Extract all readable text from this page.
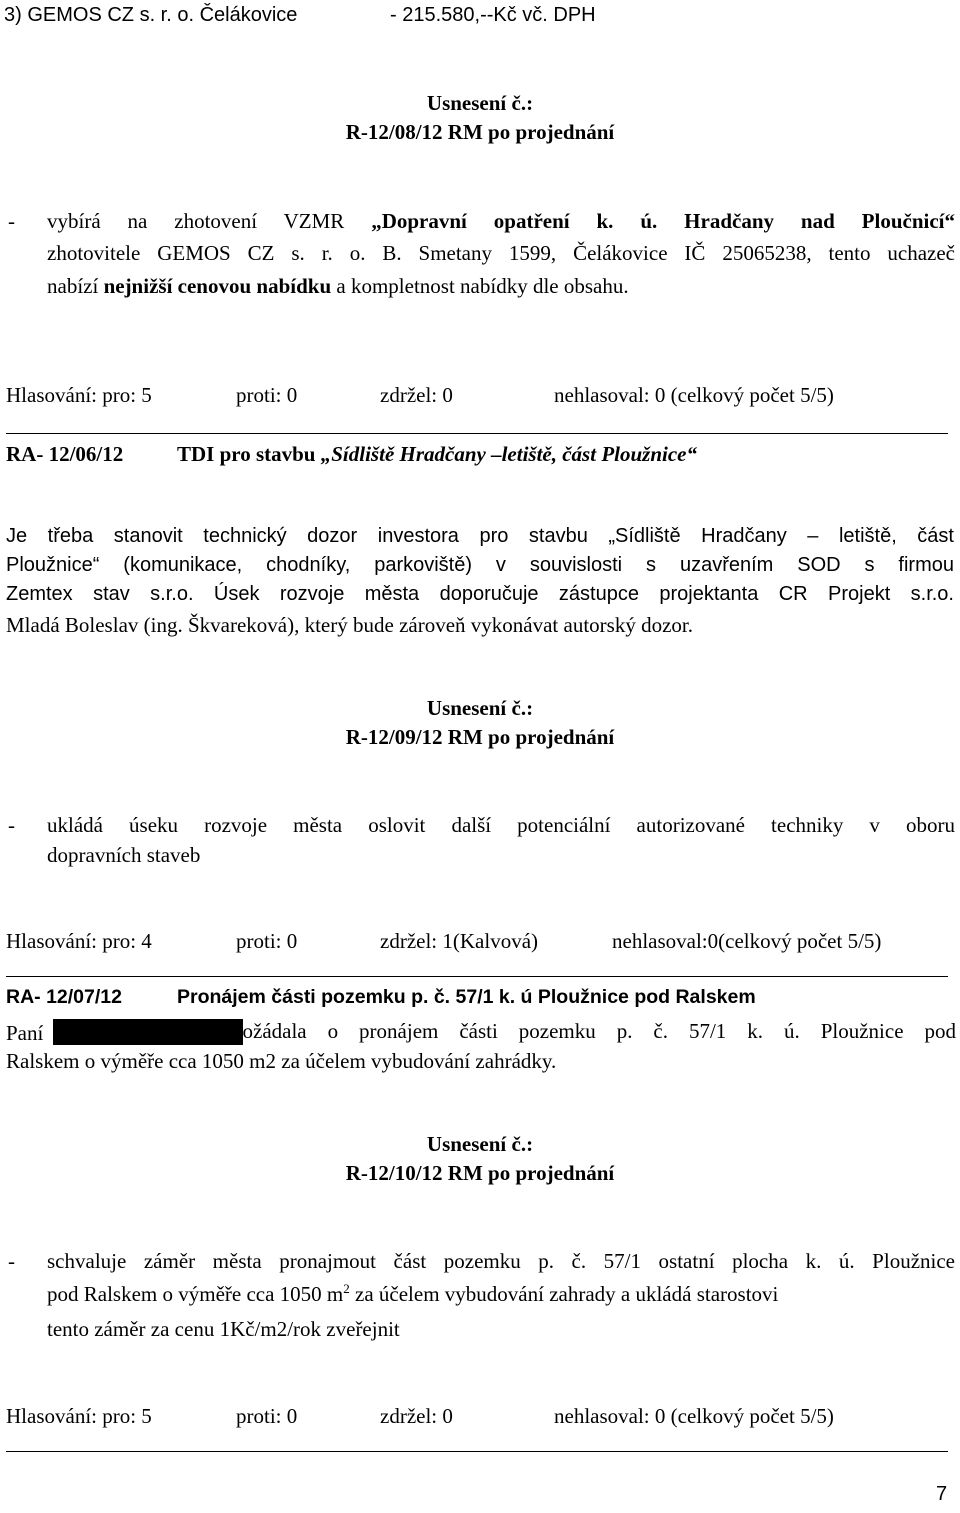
3) GEMOS CZ s. r. o. Čelákovice	- 215.580,--Kč vč. DPH
Usnesení č.:
R-12/08/12 RM po projednání
- vybírá na zhotovení VZMR „Dopravní opatření k. ú. Hradčany nad Ploučnicí“
zhotovitele GEMOS CZ s. r. o. B. Smetany 1599, Čelákovice IČ 25065238, tento uchazeč
nabízí nejnižší cenovou nabídku a kompletnost nabídky dle obsahu.
Hlasování: pro: 5	proti: 0	zdržel: 0	nehlasoval: 0 (celkový počet 5/5)
RA- 12/06/12	TDI pro stavbu „Sídliště Hradčany –letiště, část Ploužnice“
Je třeba stanovit technický dozor investora pro stavbu „Sídliště Hradčany – letiště, část
Ploužnice“ (komunikace, chodníky, parkoviště) v souvislosti s uzavřením SOD s firmou
Zemtex stav s.r.o. Úsek rozvoje města doporučuje zástupce projektanta CR Projekt s.r.o.
Mladá Boleslav (ing. Škvareková), který bude zároveň vykonávat autorský dozor.
Usnesení č.:
R-12/09/12 RM po projednání
- ukládá úseku rozvoje města oslovit další potenciální autorizované techniky v oboru
dopravních staveb
Hlasování: pro: 4	proti: 0	zdržel: 1(Kalvová)	nehlasoval:0(celkový počet 5/5)
RA- 12/07/12	Pronájem části pozemku p. č. 57/1 k. ú Ploužnice pod Ralskem
Paní	požádala o pronájem části pozemku p. č. 57/1 k. ú. Ploužnice pod
Ralskem o výměře cca 1050 m2 za účelem vybudování zahrádky.
Usnesení č.:
R-12/10/12 RM po projednání
- schvaluje záměr města pronajmout část pozemku p. č. 57/1 ostatní plocha k. ú. Ploužnice
pod Ralskem o výměře cca 1050 $m^2$ za účelem vybudování zahrady a ukládá starostovi
tento záměr za cenu 1Kč/m2/rok zveřejnit
Hlasování: pro: 5	proti: 0	zdržel: 0	nehlasoval: 0 (celkový počet 5/5)
7
